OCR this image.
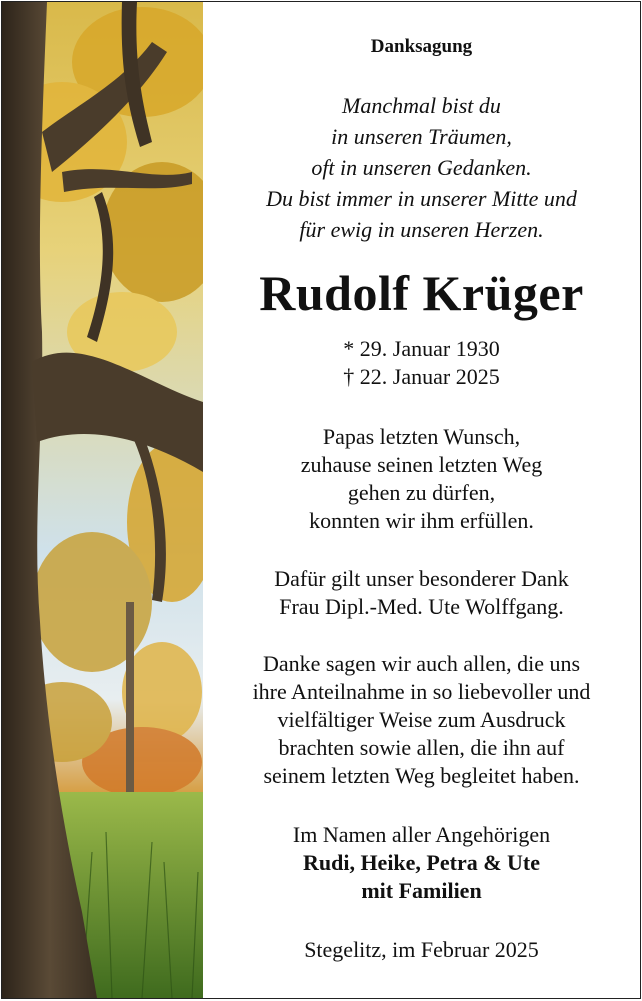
Danksagung
Manchmal bist du
in unseren Träumen,
oft in unseren Gedanken.
Du bist immer in unserer Mitte und
für ewig in unseren Herzen.
Rudolf Krüger
* 29. Januar 1930
† 22. Januar 2025
Papas letzten Wunsch,
zuhause seinen letzten Weg
gehen zu dürfen,
konnten wir ihm erfüllen.
Dafür gilt unser besonderer Dank
Frau Dipl.-Med. Ute Wolffgang.
Danke sagen wir auch allen, die uns
ihre Anteilnahme in so liebevoller und
vielfältiger Weise zum Ausdruck
brachten sowie allen, die ihn auf
seinem letzten Weg begleitet haben.
Im Namen aller Angehörigen
Rudi, Heike, Petra & Ute
mit Familien
Stegelitz, im Februar 2025
